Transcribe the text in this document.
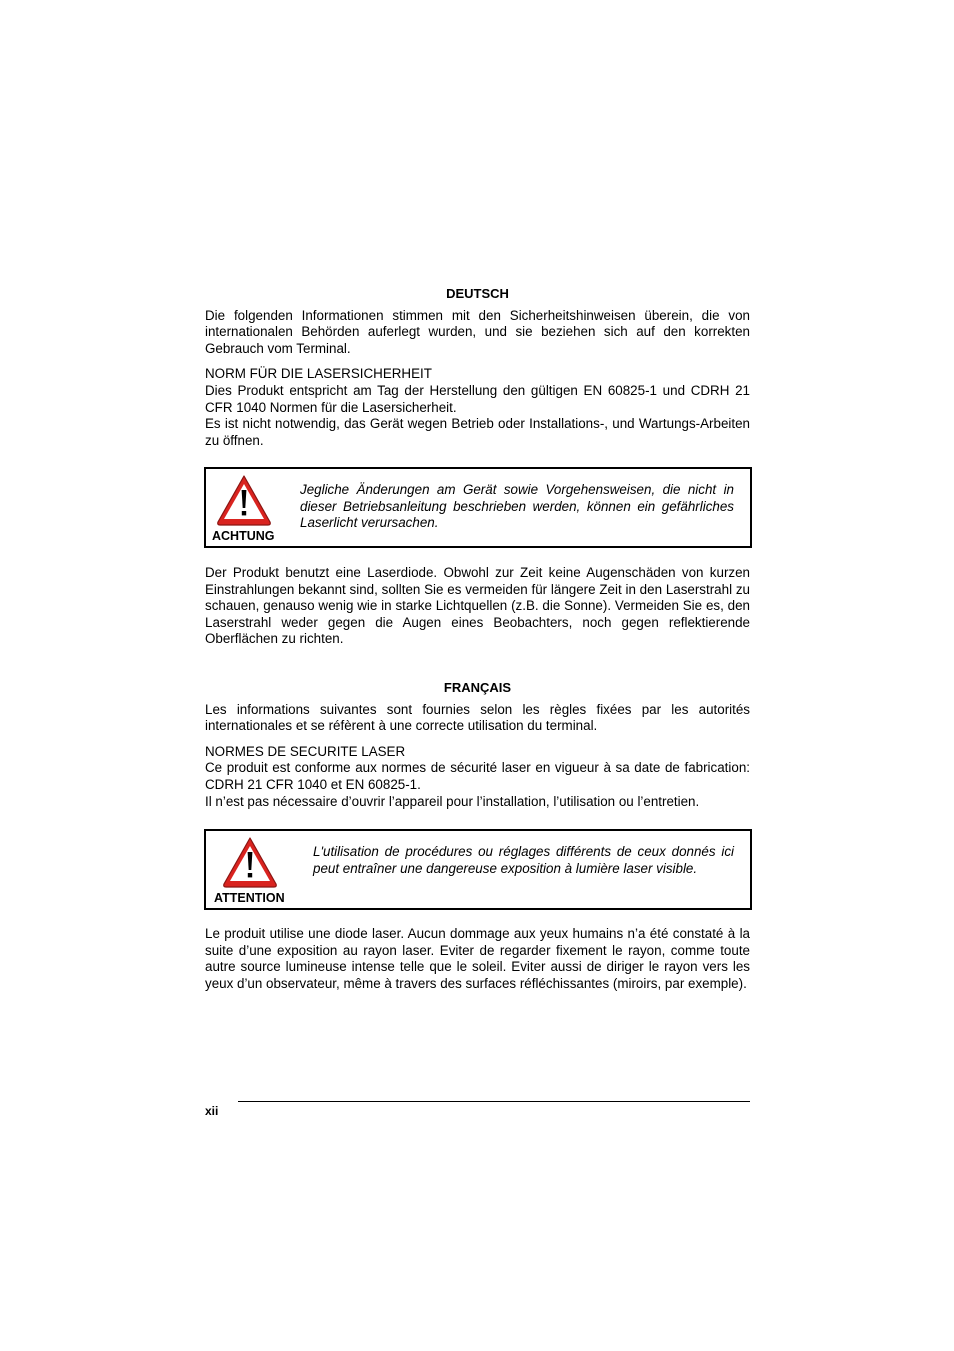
DEUTSCH

Die folgenden Informationen stimmen mit den Sicherheitshinweisen überein, die von internationalen Behörden auferlegt wurden, und sie beziehen sich auf den korrekten Gebrauch vom Terminal.

NORM FÜR DIE LASERSICHERHEIT

Dies Produkt entspricht am Tag der Herstellung den gültigen EN 60825-1 und CDRH 21 CFR 1040 Normen für die Lasersicherheit.

Es ist nicht notwendig, das Gerät wegen Betrieb oder Installations-, und Wartungs-Arbeiten zu öffnen.

ACHTUNG
Jegliche Änderungen am Gerät sowie Vorgehensweisen, die nicht in dieser Betriebsanleitung beschrieben werden, können ein gefährliches Laserlicht verursachen.

Der Produkt benutzt eine Laserdiode. Obwohl zur Zeit keine Augenschäden von kurzen Einstrahlungen bekannt sind, sollten Sie es vermeiden für längere Zeit in den Laserstrahl zu schauen, genauso wenig wie in starke Lichtquellen (z.B. die Sonne). Vermeiden Sie es, den Laserstrahl weder gegen die Augen eines Beobachters, noch gegen reflektierende Oberflächen zu richten.

FRANÇAIS

Les informations suivantes sont fournies selon les règles fixées par les autorités internationales et se réfèrent à une correcte utilisation du terminal.

NORMES DE SECURITE LASER

Ce produit est conforme aux normes de sécurité laser en vigueur à sa date de fabrication: CDRH 21 CFR 1040 et EN 60825-1.

Il n’est pas nécessaire d’ouvrir l’appareil pour l’installation, l’utilisation ou l’entretien.

ATTENTION
L'utilisation de procédures ou réglages différents de ceux donnés ici peut entraîner une dangereuse exposition à lumière laser visible.

Le produit utilise une diode laser. Aucun dommage aux yeux humains n’a été constaté à la suite d’une exposition au rayon laser. Eviter de regarder fixement le rayon, comme toute autre source lumineuse intense telle que le soleil. Eviter aussi de diriger le rayon vers les yeux d’un observateur, même à travers des surfaces réfléchissantes (miroirs, par exemple).

xii
